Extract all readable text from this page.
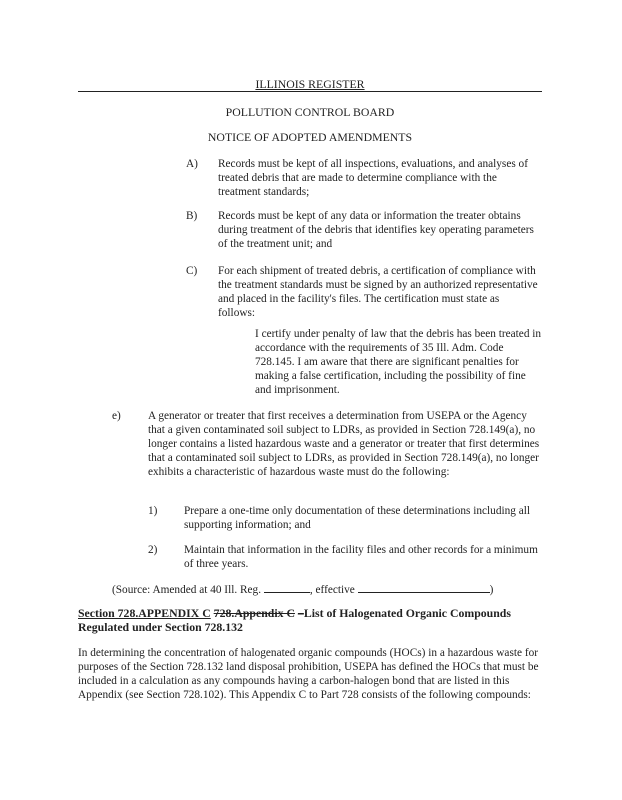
ILLINOIS REGISTER
POLLUTION CONTROL BOARD
NOTICE OF ADOPTED AMENDMENTS
A) Records must be kept of all inspections, evaluations, and analyses of treated debris that are made to determine compliance with the treatment standards;
B) Records must be kept of any data or information the treater obtains during treatment of the debris that identifies key operating parameters of the treatment unit; and
C) For each shipment of treated debris, a certification of compliance with the treatment standards must be signed by an authorized representative and placed in the facility's files. The certification must state as follows:
I certify under penalty of law that the debris has been treated in accordance with the requirements of 35 Ill. Adm. Code 728.145. I am aware that there are significant penalties for making a false certification, including the possibility of fine and imprisonment.
e) A generator or treater that first receives a determination from USEPA or the Agency that a given contaminated soil subject to LDRs, as provided in Section 728.149(a), no longer contains a listed hazardous waste and a generator or treater that first determines that a contaminated soil subject to LDRs, as provided in Section 728.149(a), no longer exhibits a characteristic of hazardous waste must do the following:
1) Prepare a one-time only documentation of these determinations including all supporting information; and
2) Maintain that information in the facility files and other records for a minimum of three years.
(Source: Amended at 40 Ill. Reg.	, effective	)
Section 728.APPENDIX C 728.Appendix C –List of Halogenated Organic Compounds
Regulated under Section 728.132
In determining the concentration of halogenated organic compounds (HOCs) in a hazardous waste for purposes of the Section 728.132 land disposal prohibition, USEPA has defined the HOCs that must be included in a calculation as any compounds having a carbon-halogen bond that are listed in this Appendix (see Section 728.102). This Appendix C to Part 728 consists of the following compounds:
